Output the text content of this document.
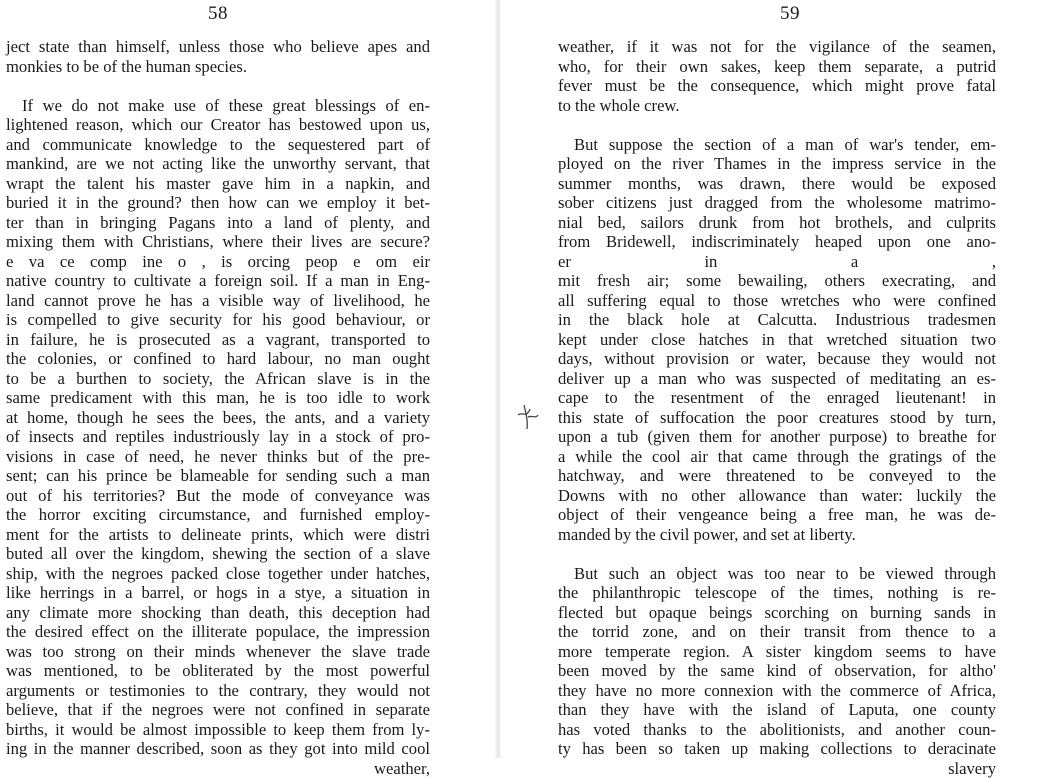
58
ject state than himself, unless those who believe apes and
monkies to be of the human species.
If we do not make use of these great blessings of en-
lightened reason, which our Creator has bestowed upon us,
and communicate knowledge to the sequestered part of
mankind, are we not acting like the unworthy servant, that
wrapt the talent his master gave him in a napkin, and
buried it in the ground? then how can we employ it bet-
ter than in bringing Pagans into a land of plenty, and
mixing them with Christians, where their lives are secure?
e va ce comp ine o , is orcing peop e om eir
native country to cultivate a foreign soil. If a man in Eng-
land cannot prove he has a visible way of livelihood, he
is compelled to give security for his good behaviour, or
in failure, he is prosecuted as a vagrant, transported to
the colonies, or confined to hard labour, no man ought
to be a burthen to society, the African slave is in the
same predicament with this man, he is too idle to work
at home, though he sees the bees, the ants, and a variety
of insects and reptiles industriously lay in a stock of pro-
visions in case of need, he never thinks but of the pre-
sent; can his prince be blameable for sending such a man
out of his territories? But the mode of conveyance was
the horror exciting circumstance, and furnished employ-
ment for the artists to delineate prints, which were distri
buted all over the kingdom, shewing the section of a slave
ship, with the negroes packed close together under hatches,
like herrings in a barrel, or hogs in a stye, a situation in
any climate more shocking than death, this deception had
the desired effect on the illiterate populace, the impression
was too strong on their minds whenever the slave trade
was mentioned, to be obliterated by the most powerful
arguments or testimonies to the contrary, they would not
believe, that if the negroes were not confined in separate
births, it would be almost impossible to keep them from ly-
ing in the manner described, soon as they got into mild cool
weather,
59
weather, if it was not for the vigilance of the seamen,
who, for their own sakes, keep them separate, a putrid
fever must be the consequence, which might prove fatal
to the whole crew.
But suppose the section of a man of war's tender, em-
ployed on the river Thames in the impress service in the
summer months, was drawn, there would be exposed
sober citizens just dragged from the wholesome matrimo-
nial bed, sailors drunk from hot brothels, and culprits
from Bridewell, indiscriminately heaped upon one ano-
er in a ,
mit fresh air; some bewailing, others execrating, and
all suffering equal to those wretches who were confined
in the black hole at Calcutta. Industrious tradesmen
kept under close hatches in that wretched situation two
days, without provision or water, because they would not
deliver up a man who was suspected of meditating an es-
cape to the resentment of the enraged lieutenant! in
this state of suffocation the poor creatures stood by turn,
upon a tub (given them for another purpose) to breathe for
a while the cool air that came through the gratings of the
hatchway, and were threatened to be conveyed to the
Downs with no other allowance than water: luckily the
object of their vengeance being a free man, he was de-
manded by the civil power, and set at liberty.
But such an object was too near to be viewed through
the philanthropic telescope of the times, nothing is re-
flected but opaque beings scorching on burning sands in
the torrid zone, and on their transit from thence to a
more temperate region. A sister kingdom seems to have
been moved by the same kind of observation, for altho'
they have no more connexion with the commerce of Africa,
than they have with the island of Laputa, one county
has voted thanks to the abolitionists, and another coun-
ty has been so taken up making collections to deracinate
slavery
